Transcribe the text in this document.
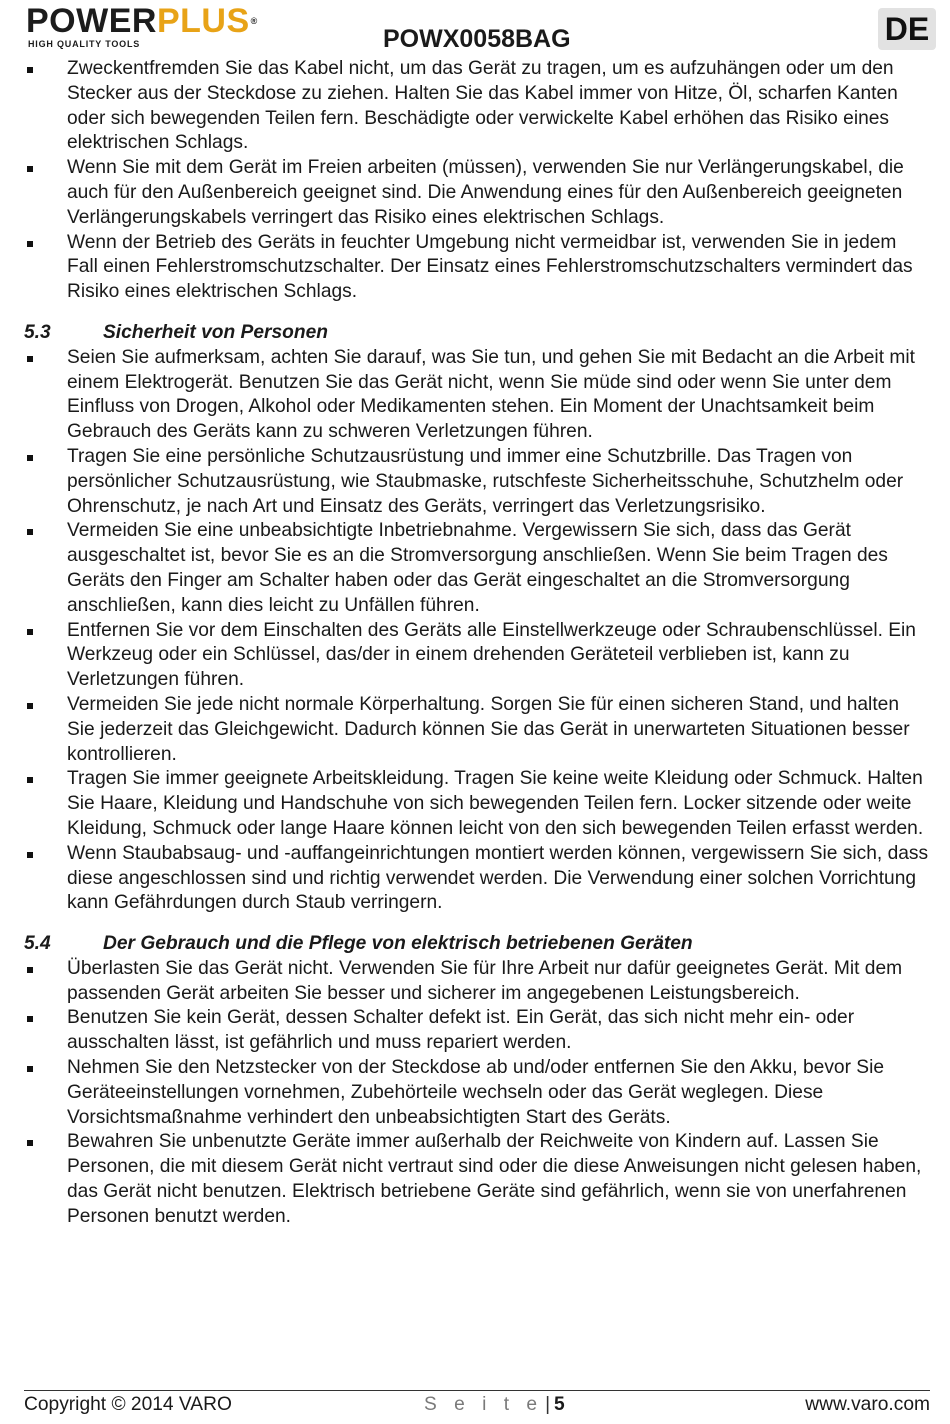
POWERPLUS®
HIGH QUALITY TOOLS	POWX0058BAG	DE
Zweckentfremden Sie das Kabel nicht, um das Gerät zu tragen, um es aufzuhängen oder um den Stecker aus der Steckdose zu ziehen. Halten Sie das Kabel immer von Hitze, Öl, scharfen Kanten oder sich bewegenden Teilen fern. Beschädigte oder verwickelte Kabel erhöhen das Risiko eines elektrischen Schlags.
Wenn Sie mit dem Gerät im Freien arbeiten (müssen), verwenden Sie nur Verlängerungskabel, die auch für den Außenbereich geeignet sind. Die Anwendung eines für den Außenbereich geeigneten Verlängerungskabels verringert das Risiko eines elektrischen Schlags.
Wenn der Betrieb des Geräts in feuchter Umgebung nicht vermeidbar ist, verwenden Sie in jedem Fall einen Fehlerstromschutzschalter. Der Einsatz eines Fehlerstromschutzschalters vermindert das Risiko eines elektrischen Schlags.
5.3	Sicherheit von Personen
Seien Sie aufmerksam, achten Sie darauf, was Sie tun, und gehen Sie mit Bedacht an die Arbeit mit einem Elektrogerät. Benutzen Sie das Gerät nicht, wenn Sie müde sind oder wenn Sie unter dem Einfluss von Drogen, Alkohol oder Medikamenten stehen. Ein Moment der Unachtsamkeit beim Gebrauch des Geräts kann zu schweren Verletzungen führen.
Tragen Sie eine persönliche Schutzausrüstung und immer eine Schutzbrille. Das Tragen von persönlicher Schutzausrüstung, wie Staubmaske, rutschfeste Sicherheitsschuhe, Schutzhelm oder Ohrenschutz, je nach Art und Einsatz des Geräts, verringert das Verletzungsrisiko.
Vermeiden Sie eine unbeabsichtigte Inbetriebnahme. Vergewissern Sie sich, dass das Gerät ausgeschaltet ist, bevor Sie es an die Stromversorgung anschließen. Wenn Sie beim Tragen des Geräts den Finger am Schalter haben oder das Gerät eingeschaltet an die Stromversorgung anschließen, kann dies leicht zu Unfällen führen.
Entfernen Sie vor dem Einschalten des Geräts alle Einstellwerkzeuge oder Schraubenschlüssel. Ein Werkzeug oder ein Schlüssel, das/der in einem drehenden Geräteteil verblieben ist, kann zu Verletzungen führen.
Vermeiden Sie jede nicht normale Körperhaltung. Sorgen Sie für einen sicheren Stand, und halten Sie jederzeit das Gleichgewicht. Dadurch können Sie das Gerät in unerwarteten Situationen besser kontrollieren.
Tragen Sie immer geeignete Arbeitskleidung. Tragen Sie keine weite Kleidung oder Schmuck. Halten Sie Haare, Kleidung und Handschuhe von sich bewegenden Teilen fern. Locker sitzende oder weite Kleidung, Schmuck oder lange Haare können leicht von den sich bewegenden Teilen erfasst werden.
Wenn Staubabsaug- und -auffangeinrichtungen montiert werden können, vergewissern Sie sich, dass diese angeschlossen sind und richtig verwendet werden. Die Verwendung einer solchen Vorrichtung kann Gefährdungen durch Staub verringern.
5.4	Der Gebrauch und die Pflege von elektrisch betriebenen Geräten
Überlasten Sie das Gerät nicht. Verwenden Sie für Ihre Arbeit nur dafür geeignetes Gerät. Mit dem passenden Gerät arbeiten Sie besser und sicherer im angegebenen Leistungsbereich.
Benutzen Sie kein Gerät, dessen Schalter defekt ist. Ein Gerät, das sich nicht mehr ein- oder ausschalten lässt, ist gefährlich und muss repariert werden.
Nehmen Sie den Netzstecker von der Steckdose ab und/oder entfernen Sie den Akku, bevor Sie Geräteeinstellungen vornehmen, Zubehörteile wechseln oder das Gerät weglegen. Diese Vorsichtsmaßnahme verhindert den unbeabsichtigten Start des Geräts.
Bewahren Sie unbenutzte Geräte immer außerhalb der Reichweite von Kindern auf. Lassen Sie Personen, die mit diesem Gerät nicht vertraut sind oder die diese Anweisungen nicht gelesen haben, das Gerät nicht benutzen. Elektrisch betriebene Geräte sind gefährlich, wenn sie von unerfahrenen Personen benutzt werden.
Copyright © 2014 VARO	S e i t e | 5	www.varo.com
